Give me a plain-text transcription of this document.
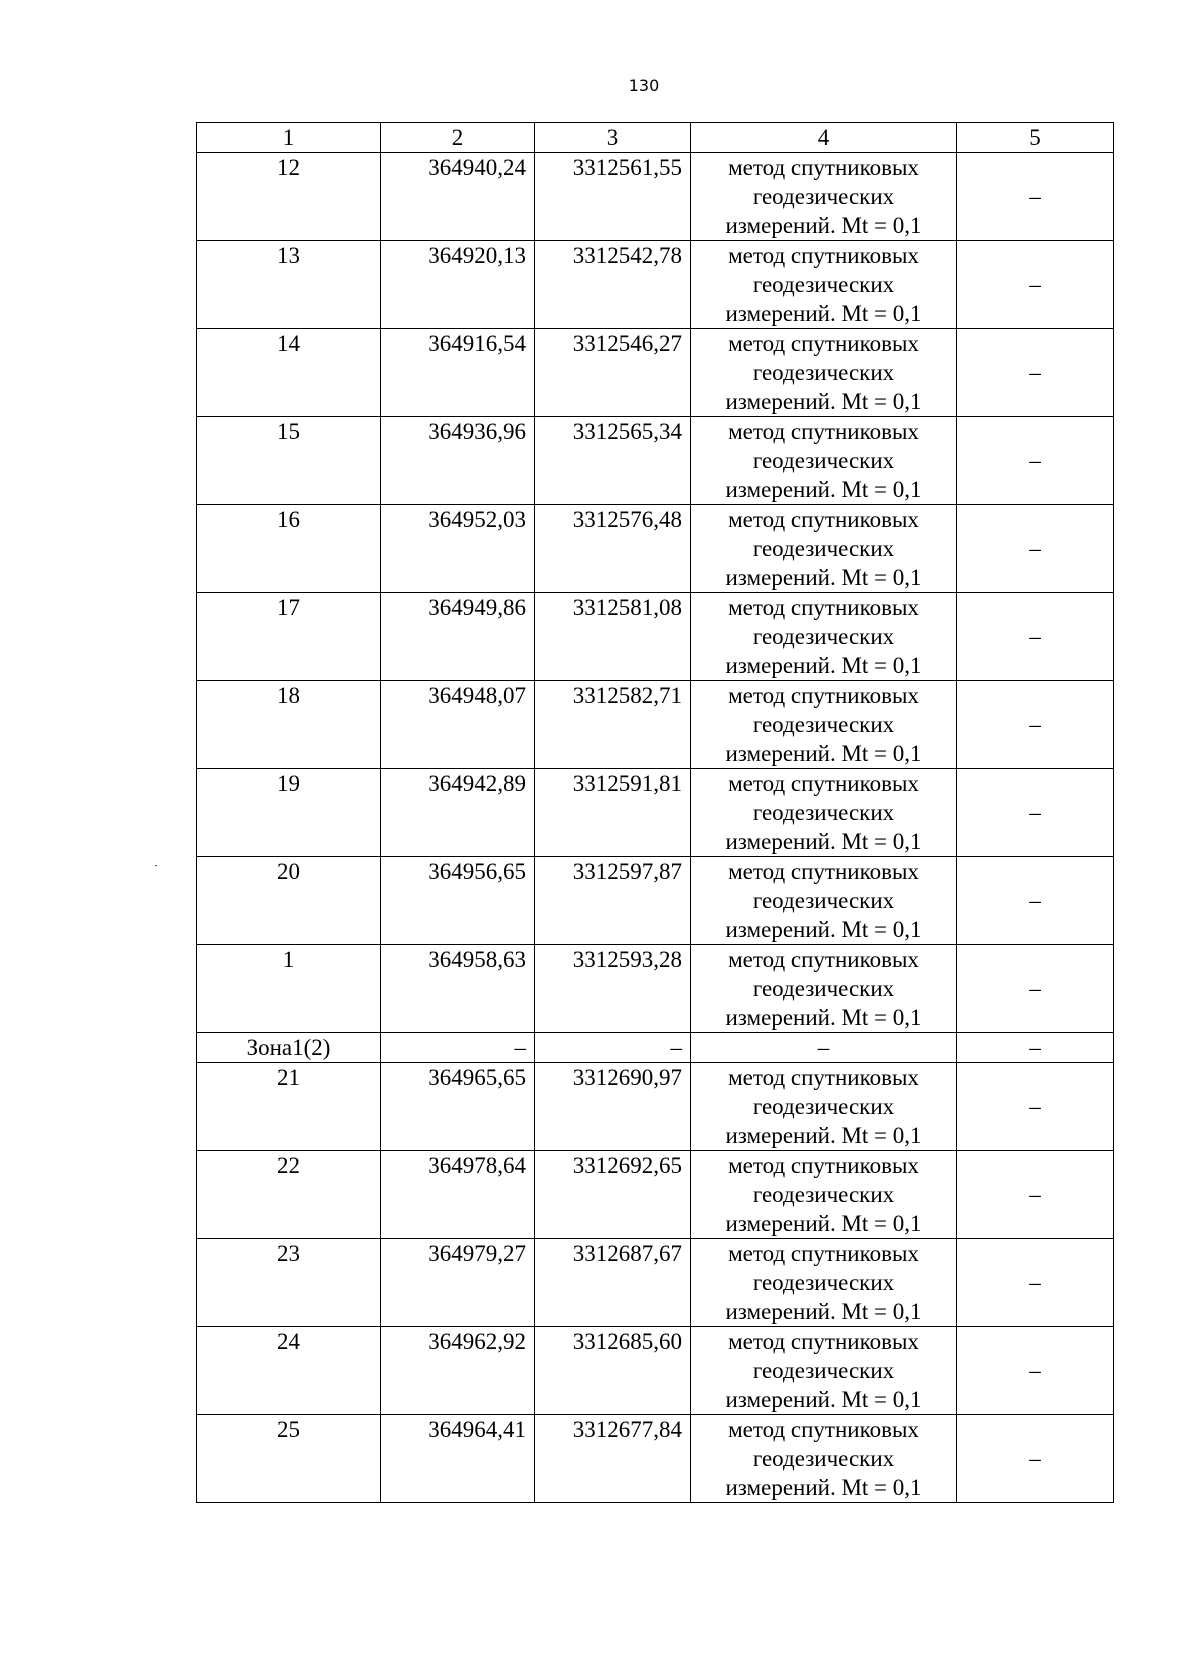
130
1	2	3	4	5
12	364940,24	3312561,55	метод спутниковых
геодезических
измерений. Mt = 0,1	–
13	364920,13	3312542,78	метод спутниковых
геодезических
измерений. Mt = 0,1	–
14	364916,54	3312546,27	метод спутниковых
геодезических
измерений. Mt = 0,1	–
15	364936,96	3312565,34	метод спутниковых
геодезических
измерений. Mt = 0,1	–
16	364952,03	3312576,48	метод спутниковых
геодезических
измерений. Mt = 0,1	–
17	364949,86	3312581,08	метод спутниковых
геодезических
измерений. Mt = 0,1	–
18	364948,07	3312582,71	метод спутниковых
геодезических
измерений. Mt = 0,1	–
19	364942,89	3312591,81	метод спутниковых
геодезических
измерений. Mt = 0,1	–
20	364956,65	3312597,87	метод спутниковых
геодезических
измерений. Mt = 0,1	–
1	364958,63	3312593,28	метод спутниковых
геодезических
измерений. Mt = 0,1	–
Зона1(2)	–	–	–	–
21	364965,65	3312690,97	метод спутниковых
геодезических
измерений. Mt = 0,1	–
22	364978,64	3312692,65	метод спутниковых
геодезических
измерений. Mt = 0,1	–
23	364979,27	3312687,67	метод спутниковых
геодезических
измерений. Mt = 0,1	–
24	364962,92	3312685,60	метод спутниковых
геодезических
измерений. Mt = 0,1	–
25	364964,41	3312677,84	метод спутниковых
геодезических
измерений. Mt = 0,1	–
